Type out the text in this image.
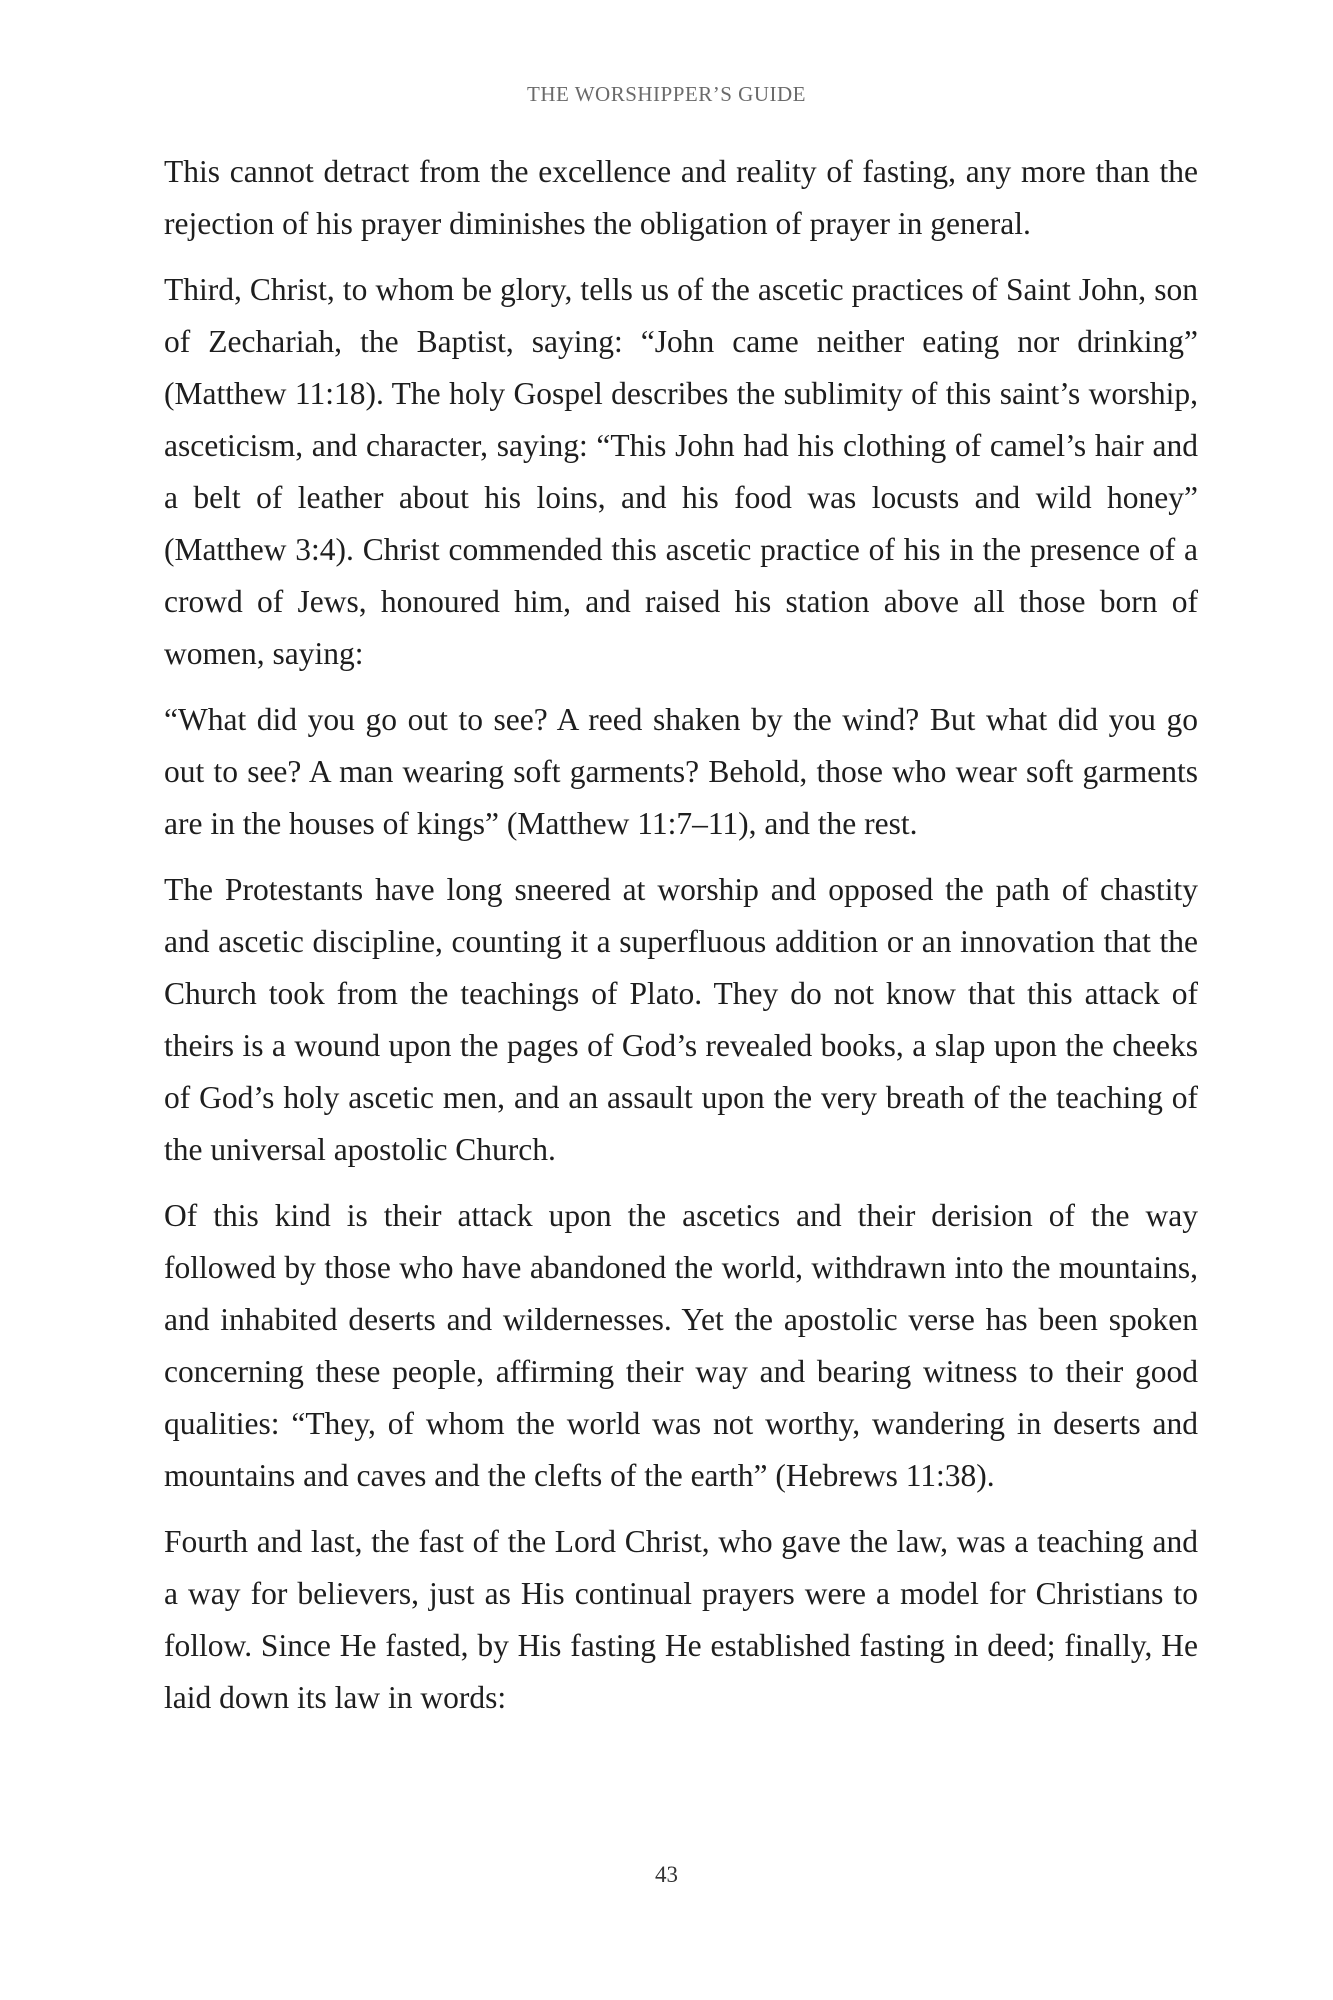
THE WORSHIPPER’S GUIDE

This cannot detract from the excellence and reality of fasting, any more than the rejection of his prayer diminishes the obligation of prayer in general.

Third, Christ, to whom be glory, tells us of the ascetic practices of Saint John, son of Zechariah, the Baptist, saying: “John came neither eating nor drinking” (Matthew 11:18). The holy Gospel describes the sublimity of this saint’s worship, asceticism, and character, saying: “This John had his clothing of camel’s hair and a belt of leather about his loins, and his food was locusts and wild honey” (Matthew 3:4). Christ commended this ascetic practice of his in the presence of a crowd of Jews, honoured him, and raised his station above all those born of women, saying:

“What did you go out to see? A reed shaken by the wind? But what did you go out to see? A man wearing soft garments? Behold, those who wear soft garments are in the houses of kings” (Matthew 11:7–11), and the rest.

The Protestants have long sneered at worship and opposed the path of chastity and ascetic discipline, counting it a superfluous addition or an innovation that the Church took from the teachings of Plato. They do not know that this attack of theirs is a wound upon the pages of God’s revealed books, a slap upon the cheeks of God’s holy ascetic men, and an assault upon the very breath of the teaching of the universal apostolic Church.

Of this kind is their attack upon the ascetics and their derision of the way followed by those who have abandoned the world, withdrawn into the mountains, and inhabited deserts and wildernesses. Yet the apostolic verse has been spoken concerning these people, affirming their way and bearing witness to their good qualities: “They, of whom the world was not worthy, wandering in deserts and mountains and caves and the clefts of the earth” (Hebrews 11:38).

Fourth and last, the fast of the Lord Christ, who gave the law, was a teaching and a way for believers, just as His continual prayers were a model for Christians to follow. Since He fasted, by His fasting He established fasting in deed; finally, He laid down its law in words:

43
